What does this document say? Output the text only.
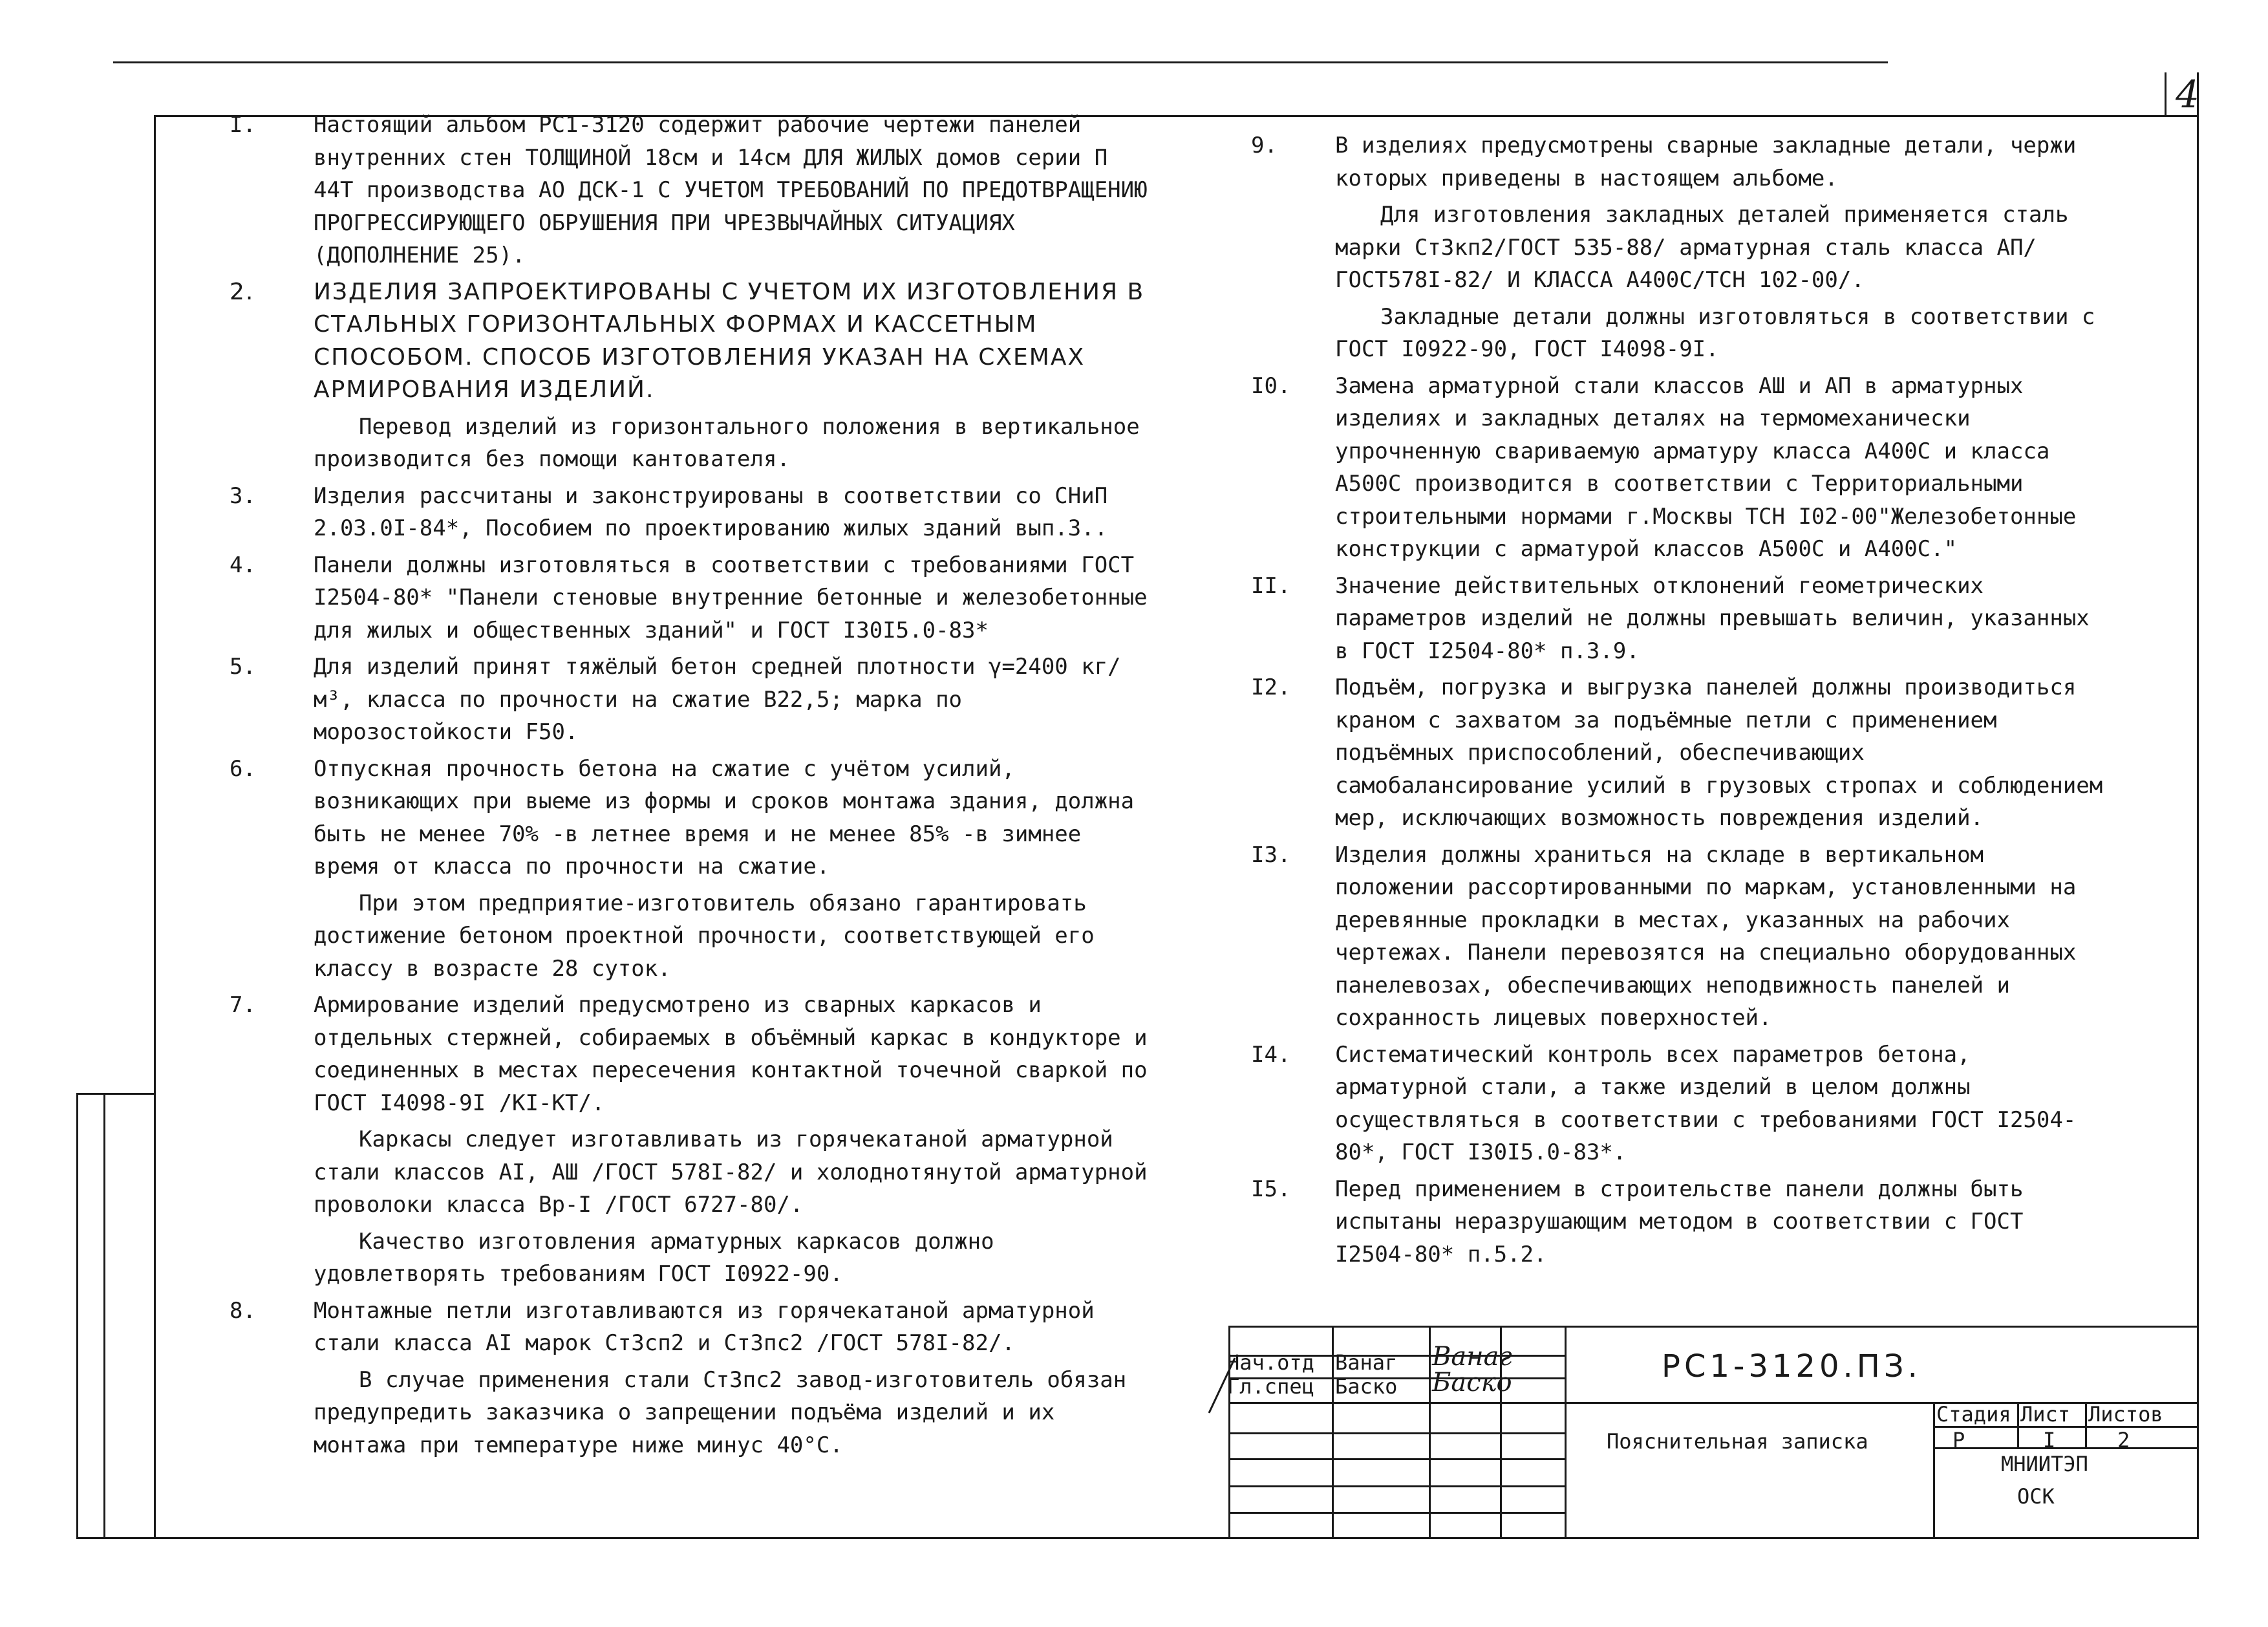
4
I.	Настоящий альбом PC1-3120 содержит рабочие чертежи панелей внутренних стен ТОЛЩИНОЙ 18см и 14см ДЛЯ ЖИЛЫХ домов серии П 44Т производства АО ДСК-1 С УЧЕТОМ ТРЕБОВАНИЙ ПО ПРЕДОТВРАЩЕНИЮ ПРОГРЕССИРУЮЩЕГО ОБРУШЕНИЯ ПРИ ЧРЕЗВЫЧАЙНЫХ СИТУАЦИЯХ (ДОПОЛНЕНИЕ 25).

2.	ИЗДЕЛИЯ ЗАПРОЕКТИРОВАНЫ С УЧЕТОМ ИХ ИЗГОТОВЛЕНИЯ В СТАЛЬНЫХ ГОРИЗОНТАЛЬНЫХ ФОРМАХ И КАССЕТНЫМ СПОСОБОМ. СПОСОБ ИЗГОТОВЛЕНИЯ УКАЗАН НА СХЕМАХ АРМИРОВАНИЯ ИЗДЕЛИЙ.

Перевод изделий из горизонтального положения в вертикальное производится без помощи кантователя.

3.	Изделия рассчитаны и законструированы в соответствии со СНиП 2.03.0I-84*, Пособием по проектированию жилых зданий вып.3..

4.	Панели должны изготовляться в соответствии с требованиями ГОСТ I2504-80* "Панели стеновые внутренние бетонные и железобетонные для жилых и общественных зданий" и ГОСТ I30I5.0-83*

5.	Для изделий принят тяжёлый бетон средней плотности γ=2400 кг/м³, класса по прочности на сжатие В22,5; марка по морозостойкости F50.

6.	Отпускная прочность бетона на сжатие с учётом усилий, возникающих при выеме из формы и сроков монтажа здания, должна быть не менее 70% -в летнее время и не менее 85% -в зимнее время от класса по прочности на сжатие.

При этом предприятие-изготовитель обязано гарантировать достижение бетоном проектной прочности, соответствующей его классу в возрасте 28 суток.

7.	Армирование изделий предусмотрено из сварных каркасов и отдельных стержней, собираемых в объёмный каркас в кондукторе и соединенных в местах пересечения контактной точечной сваркой по ГОСТ I4098-9I /КI-КТ/.

Каркасы следует изготавливать из горячекатаной арматурной стали классов АI, АШ /ГОСТ 578I-82/ и холоднотянутой арматурной проволоки класса Вр-I /ГОСТ 6727-80/.

Качество изготовления арматурных каркасов должно удовлетворять требованиям ГОСТ I0922-90.

8.	Монтажные петли изготавливаются из горячекатаной арматурной стали класса АI марок Ст3сп2 и Ст3пс2 /ГОСТ 578I-82/.

В случае применения стали Ст3пс2 завод-изготовитель обязан предупредить заказчика о запрещении подъёма изделий и их монтажа при температуре ниже минус 40°С.

9.	В изделиях предусмотрены сварные закладные детали, чержи которых приведены в настоящем альбоме.

Для изготовления закладных деталей применяется сталь марки Ст3кп2/ГОСТ 535-88/ арматурная сталь класса АП/ГОСТ578I-82/ И КЛАССА А400С/ТСН 102-00/.

Закладные детали должны изготовляться в соответствии с ГОСТ I0922-90, ГОСТ I4098-9I.

I0.	Замена арматурной стали классов АШ и АП в арматурных изделиях и закладных деталях на термомеханически упрочненную свариваемую арматуру класса А400С и класса А500С производится в соответствии с Территориальными строительными нормами г.Москвы ТСН I02-00"Железобетонные конструкции с арматурой классов А500С и А400С."

II.	Значение действительных отклонений геометрических параметров изделий не должны превышать величин, указанных в ГОСТ I2504-80* п.3.9.

I2.	Подъём, погрузка и выгрузка панелей должны производиться краном с захватом за подъёмные петли с применением подъёмных приспособлений, обеспечивающих самобалансирование усилий в грузовых стропах и соблюдением мер, исключающих возможность повреждения изделий.

I3.	Изделия должны храниться на складе в вертикальном положении рассортированными по маркам, установленными на деревянные прокладки в местах, указанных на рабочих чертежах. Панели перевозятся на специально оборудованных панелевозах, обеспечивающих неподвижность панелей и сохранность лицевых поверхностей.

I4.	Систематический контроль всех параметров бетона, арматурной стали, а также изделий в целом должны осуществляться в соответствии с требованиями ГОСТ I2504-80*, ГОСТ I30I5.0-83*.

I5.	Перед применением в строительстве панели должны быть испытаны неразрушающим методом в соответствии с ГОСТ I2504-80* п.5.2.

Нач.отд Ванаг
Гл.спец Баско
Ванаг
Баско	PC1-3120.ПЗ.
Пояснительная записка
Стадия Лист Листов
Р	I	2
МНИИТЭП
ОСК
